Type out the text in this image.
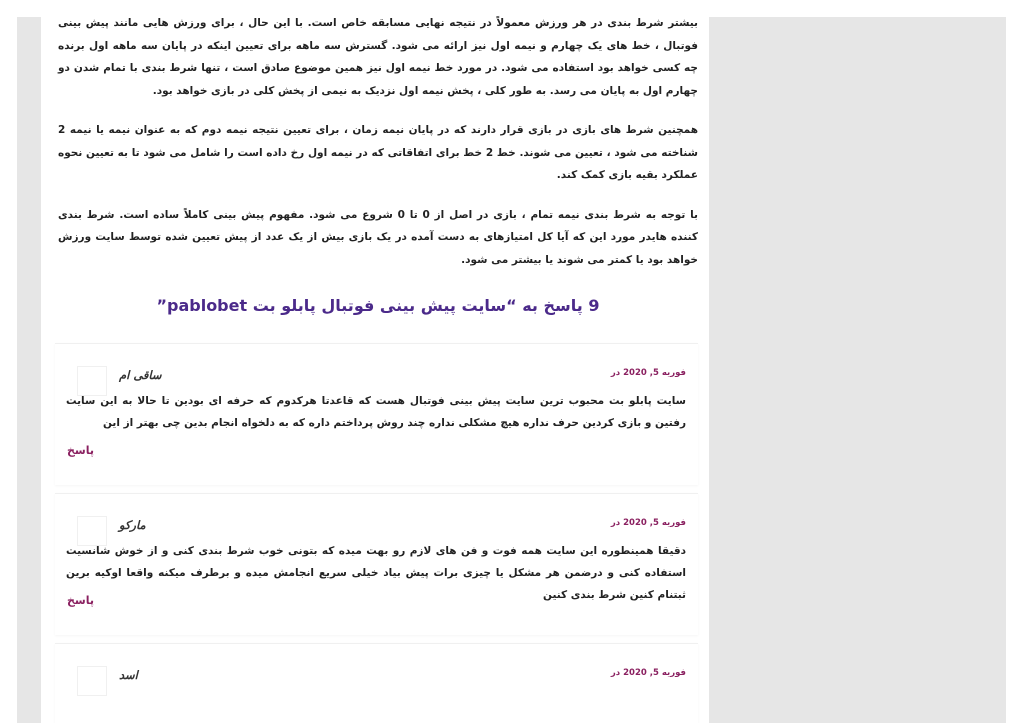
بیشتر شرط بندی در هر ورزش معمولاً در نتیجه نهایی مسابقه خاص است. با این حال ، برای ورزش هایی مانند پیش بینی فوتبال ، خط های یک چهارم و نیمه اول نیز ارائه می شود. گسترش سه ماهه برای تعیین اینکه در پایان سه ماهه اول برنده چه کسی خواهد بود استفاده می شود. در مورد خط نیمه اول نیز همین موضوع صادق است ، تنها شرط بندی با تمام شدن دو چهارم اول به پایان می رسد. به طور کلی ، پخش نیمه اول نزدیک به نیمی از پخش کلی در بازی خواهد بود.

همچنین شرط های بازی در بازی قرار دارند که در پایان نیمه زمان ، برای تعیین نتیجه نیمه دوم که به عنوان نیمه یا نیمه 2 شناخته می شود ، تعیین می شوند. خط 2 خط برای اتفاقاتی که در نیمه اول رخ داده است را شامل می شود تا به تعیین نحوه عملکرد بقیه بازی کمک کند.

با توجه به شرط بندی نیمه تمام ، بازی در اصل از 0 تا 0 شروع می شود. مفهوم پیش بینی کاملاً ساده است. شرط بندی کننده هایدر مورد این که آیا کل امتیازهای به دست آمده در یک بازی بیش از یک عدد از پیش تعیین شده توسط سایت ورزش خواهد بود یا کمتر می شوند یا بیشتر می شود.

9 پاسخ به “سایت پیش بینی فوتبال پابلو بت pablobet”
ساقی ام	فوریه 5, 2020 در
سایت پابلو بت محبوب ترین سایت پیش بینی فوتبال هست که قاعدتا هرکدوم که حرفه ای بودین تا حالا به این سایت رفتین و بازی کردین حرف نداره هیچ مشکلی نداره چند روش پرداختم داره که به دلخواه انجام بدین چی بهتر از این
پاسخ
مارکو	فوریه 5, 2020 در
دقیقا همینطوره این سایت همه فوت و فن های لازم رو بهت میده که بتونی خوب شرط بندی کنی و از خوش شانسیت استفاده کنی و درضمن هر مشکل یا چیزی برات پیش بیاد خیلی سریع انجامش میده و برطرف میکنه واقعا اوکیه برین ثبتنام کنین شرط بندی کنین
پاسخ
اسد	فوریه 5, 2020 در
